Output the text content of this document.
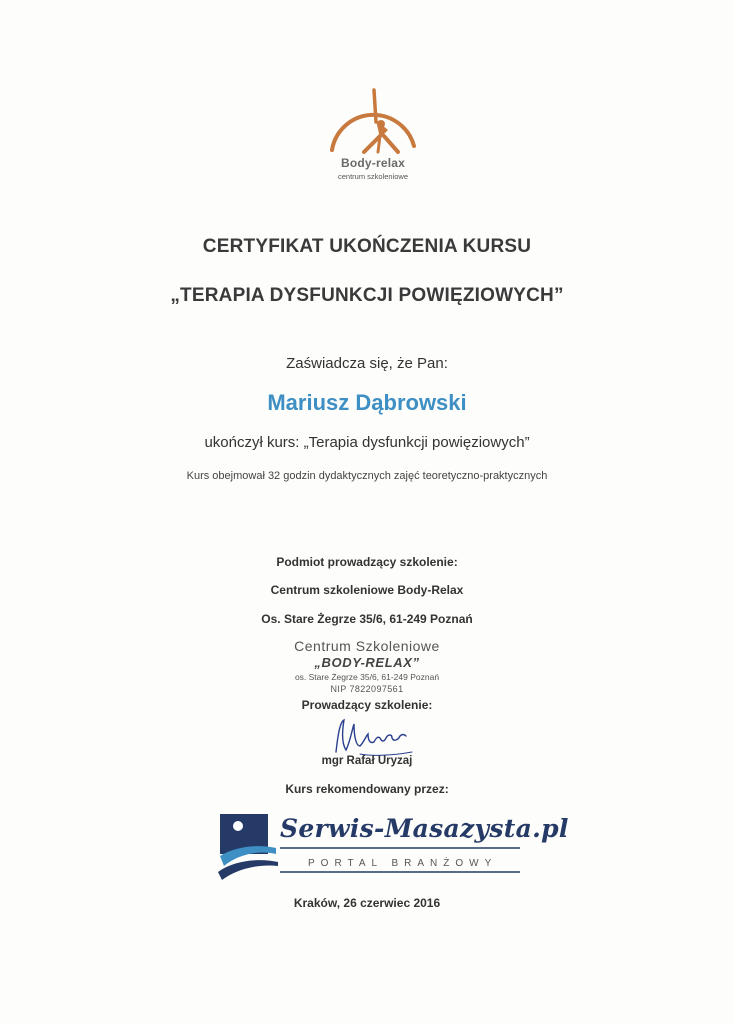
Body-relax
centrum szkoleniowe
CERTYFIKAT UKOŃCZENIA KURSU
„TERAPIA DYSFUNKCJI POWIĘZIOWYCH”
Zaświadcza się, że Pan:
Mariusz Dąbrowski
ukończył kurs: „Terapia dysfunkcji powięziowych”
Kurs obejmował 32 godzin dydaktycznych zajęć teoretyczno-praktycznych
Podmiot prowadzący szkolenie:
Centrum szkoleniowe Body-Relax
Os. Stare Żegrze 35/6, 61-249 Poznań
Centrum Szkoleniowe
„BODY-RELAX”
os. Stare Żegrze 35/6, 61-249 Poznań
NIP 7822097561
Prowadzący szkolenie:
mgr Rafał Uryzaj
Kurs rekomendowany przez:
Serwis-Masazysta.pl
PORTAL BRANŻOWY
Kraków, 26 czerwiec 2016
